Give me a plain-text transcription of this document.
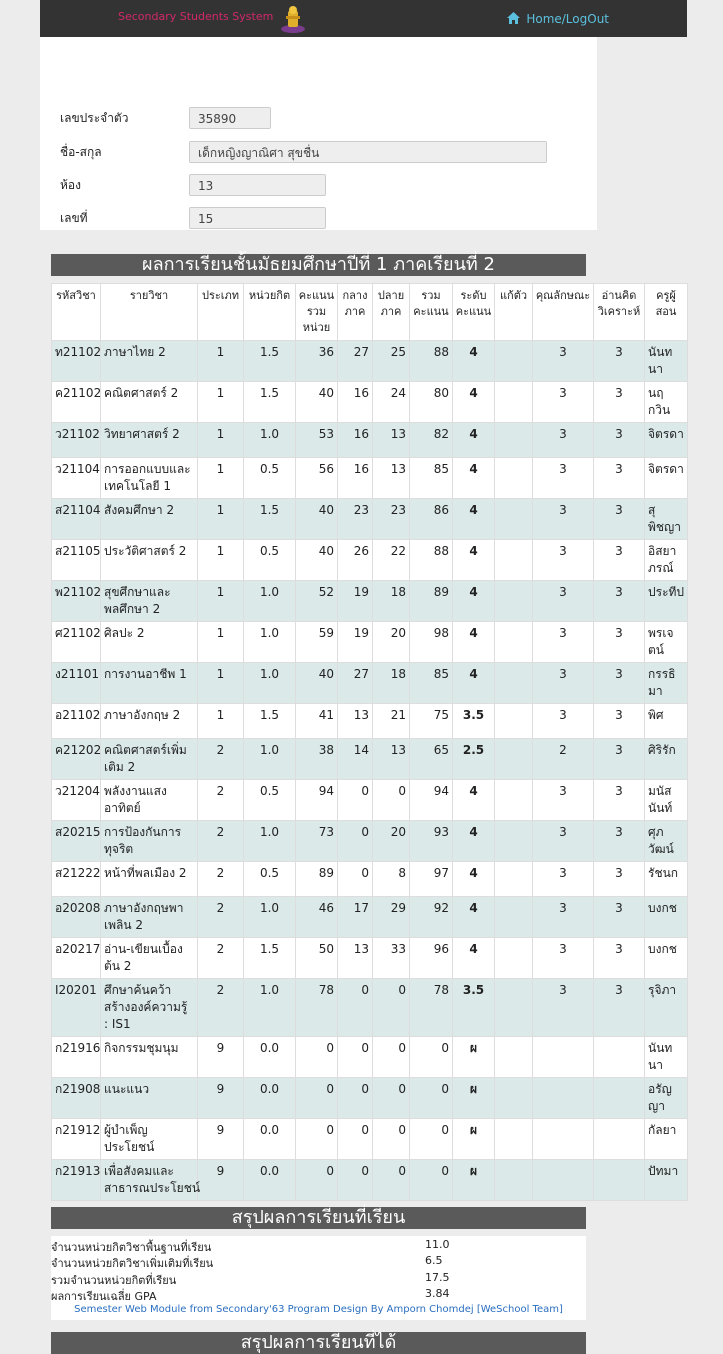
Secondary Students System	Home/LogOut
เลขประจำตัว	35890
ชื่อ-สกุล	เด็กหญิงญาณิศา สุขชื่น
ห้อง	13
เลขที่	15
ผลการเรียนชั้นมัธยมศึกษาปีที่ 1 ภาคเรียนที่ 2
รหัสวิชา	รายวิชา	ประเภท	หน่วยกิต	คะแนน รวม หน่วย	กลาง ภาค	ปลาย ภาค	รวม คะแนน	ระดับ คะแนน	แก้ตัว	คุณลักษณะ	อ่านคิด วิเคราะห์	ครูผู้ สอน
ท21102	ภาษาไทย 2	1	1.5	36	27	25	88	4		3	3	นันทนา
ค21102	คณิตศาสตร์ 2	1	1.5	40	16	24	80	4		3	3	นฤกวิน
ว21102	วิทยาศาสตร์ 2	1	1.0	53	16	13	82	4		3	3	จิตรดา
ว21104	การออกแบบและเทคโนโลยี 1	1	0.5	56	16	13	85	4		3	3	จิตรดา
ส21104	สังคมศึกษา 2	1	1.5	40	23	23	86	4		3	3	สุพิชญา
ส21105	ประวัติศาสตร์ 2	1	0.5	40	26	22	88	4		3	3	อิสยาภรณ์
พ21102	สุขศึกษาและพลศึกษา 2	1	1.0	52	19	18	89	4		3	3	ประทีป
ศ21102	ศิลปะ 2	1	1.0	59	19	20	98	4		3	3	พรเจตน์
ง21101	การงานอาชีพ 1	1	1.0	40	27	18	85	4		3	3	กรรธิมา
อ21102	ภาษาอังกฤษ 2	1	1.5	41	13	21	75	3.5		3	3	พิศ
ค21202	คณิตศาสตร์เพิ่มเติม 2	2	1.0	38	14	13	65	2.5		2	3	ศิริรัก
ว21204	พลังงานแสงอาทิตย์	2	0.5	94	0	0	94	4		3	3	มนัสนันท์
ส20215	การป้องกันการทุจริต	2	1.0	73	0	20	93	4		3	3	ศุภวัฒน์
ส21222	หน้าที่พลเมือง 2	2	0.5	89	0	8	97	4		3	3	รัชนก
อ20208	ภาษาอังกฤษพาเพลิน 2	2	1.0	46	17	29	92	4		3	3	บงกช
อ20217	อ่าน-เขียนเบื้องต้น 2	2	1.5	50	13	33	96	4		3	3	บงกช
I20201	ศึกษาค้นคว้าสร้างองค์ความรู้ : IS1	2	1.0	78	0	0	78	3.5		3	3	รุจิภา
ก21916	กิจกรรมชุมนุม	9	0.0	0	0	0	0	ผ				นันทนา
ก21908	แนะแนว	9	0.0	0	0	0	0	ผ				อรัญญา
ก21912	ผู้บำเพ็ญประโยชน์	9	0.0	0	0	0	0	ผ				กัลยา
ก21913	เพื่อสังคมและสาธารณประโยชน์	9	0.0	0	0	0	0	ผ				ปัทมา
สรุปผลการเรียนที่เรียน
จำนวนหน่วยกิตวิชาพื้นฐานที่เรียน	11.0
จำนวนหน่วยกิตวิชาเพิ่มเติมที่เรียน	6.5
รวมจำนวนหน่วยกิตที่เรียน	17.5
ผลการเรียนเฉลี่ย GPA	3.84
Semester Web Module from Secondary'63 Program Design By Amporn Chomdej [WeSchool Team]
สรุปผลการเรียนที่ได้
